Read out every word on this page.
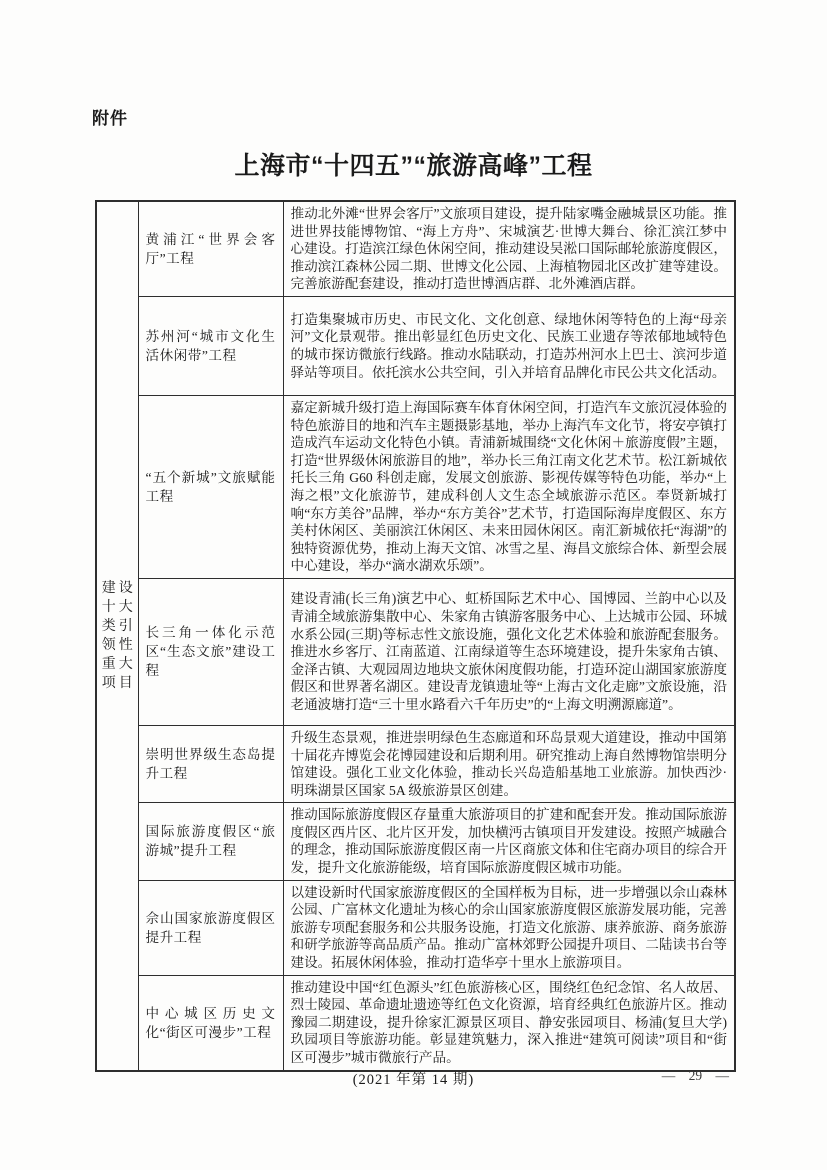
附件
上海市“十四五”“旅游高峰”工程
建设
十大
类引
领性
重大
项目
	黄浦江“世界会客厅”工程	推动北外滩“世界会客厅”文旅项目建设，提升陆家嘴金融城景区功能。推进世界技能博物馆、“海上方舟”、宋城演艺·世博大舞台、徐汇滨江梦中心建设。打造滨江绿色休闲空间，推动建设吴淞口国际邮轮旅游度假区，推动滨江森林公园二期、世博文化公园、上海植物园北区改扩建等建设。完善旅游配套建设，推动打造世博酒店群、北外滩酒店群。
	苏州河“城市文化生活休闲带”工程	打造集聚城市历史、市民文化、文化创意、绿地休闲等特色的上海“母亲河”文化景观带。推出彰显红色历史文化、民族工业遗存等浓郁地域特色的城市探访微旅行线路。推动水陆联动，打造苏州河水上巴士、滨河步道驿站等项目。依托滨水公共空间，引入并培育品牌化市民公共文化活动。
	“五个新城”文旅赋能工程	嘉定新城升级打造上海国际赛车体育休闲空间，打造汽车文旅沉浸体验的特色旅游目的地和汽车主题摄影基地，举办上海汽车文化节，将安亭镇打造成汽车运动文化特色小镇。青浦新城围绕“文化休闲＋旅游度假”主题，打造“世界级休闲旅游目的地”，举办长三角江南文化艺术节。松江新城依托长三角 G60 科创走廊，发展文创旅游、影视传媒等特色功能，举办“上海之根”文化旅游节，建成科创人文生态全域旅游示范区。奉贤新城打响“东方美谷”品牌，举办“东方美谷”艺术节，打造国际海岸度假区、东方美村休闲区、美丽滨江休闲区、未来田园休闲区。南汇新城依托“海湖”的独特资源优势，推动上海天文馆、冰雪之星、海昌文旅综合体、新型会展中心建设，举办“滴水湖欢乐颂”。
	长三角一体化示范区“生态文旅”建设工程	建设青浦(长三角)演艺中心、虹桥国际艺术中心、国博园、兰韵中心以及青浦全域旅游集散中心、朱家角古镇游客服务中心、上达城市公园、环城水系公园(三期)等标志性文旅设施，强化文化艺术体验和旅游配套服务。推进水乡客厅、江南蓝道、江南绿道等生态环境建设，提升朱家角古镇、金泽古镇、大观园周边地块文旅休闲度假功能，打造环淀山湖国家旅游度假区和世界著名湖区。建设青龙镇遗址等“上海古文化走廊”文旅设施，沿老通波塘打造“三十里水路看六千年历史”的“上海文明溯源廊道”。
	崇明世界级生态岛提升工程	升级生态景观，推进崇明绿色生态廊道和环岛景观大道建设，推动中国第十届花卉博览会花博园建设和后期利用。研究推动上海自然博物馆崇明分馆建设。强化工业文化体验，推动长兴岛造船基地工业旅游。加快西沙·明珠湖景区国家 5A 级旅游景区创建。
	国际旅游度假区“旅游城”提升工程	推动国际旅游度假区存量重大旅游项目的扩建和配套开发。推动国际旅游度假区西片区、北片区开发，加快横沔古镇项目开发建设。按照产城融合的理念，推动国际旅游度假区南一片区商旅文体和住宅商办项目的综合开发，提升文化旅游能级，培育国际旅游度假区城市功能。
	佘山国家旅游度假区提升工程	以建设新时代国家旅游度假区的全国样板为目标，进一步增强以佘山森林公园、广富林文化遗址为核心的佘山国家旅游度假区旅游发展功能，完善旅游专项配套服务和公共服务设施，打造文化旅游、康养旅游、商务旅游和研学旅游等高品质产品。推动广富林郊野公园提升项目、二陆读书台等建设。拓展休闲体验，推动打造华亭十里水上旅游项目。
	中心城区历史文化“街区可漫步”工程	推动建设中国“红色源头”红色旅游核心区，围绕红色纪念馆、名人故居、烈士陵园、革命遗址遗迹等红色文化资源，培育经典红色旅游片区。推动豫园二期建设，提升徐家汇源景区项目、静安张园项目、杨浦(复旦大学)玖园项目等旅游功能。彰显建筑魅力，深入推进“建筑可阅读”项目和“街区可漫步”城市微旅行产品。
(2021 年第 14 期)	— 29 —
